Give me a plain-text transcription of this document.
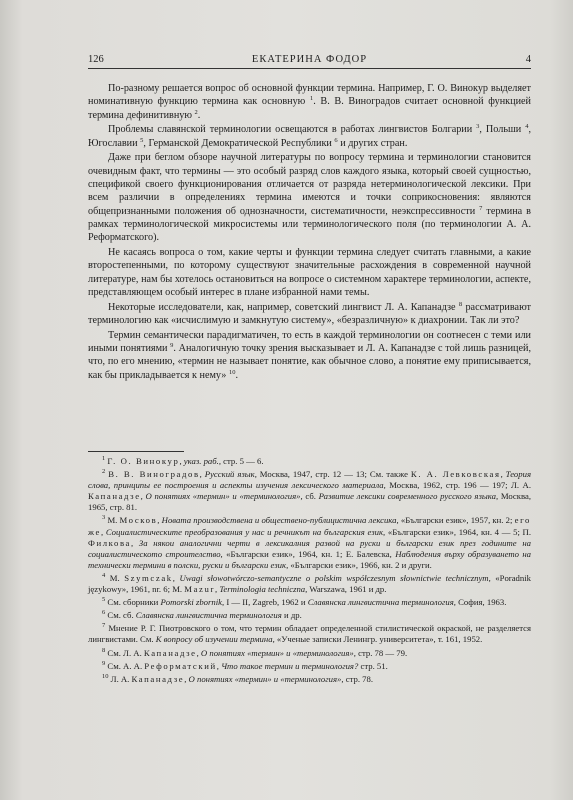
126	ЕКАТЕРИНА ФОДОР	4

По-разному решается вопрос об основной функции термина. Например, Г. О. Винокур выделяет номинативную функцию термина как основную $^1$. В. В. Виноградов считает основной функцией термина дефинитивную $^2$.

Проблемы славянской терминологии освещаются в работах лингвистов Болгарии $^3$, Польши $^4$, Югославии $^5$, Германской Демократической Республики $^6$ и других стран.

Даже при беглом обзоре научной литературы по вопросу термина и терминологии становится очевидным факт, что термины — это особый разряд слов каждого языка, который своей сущностью, спецификой своего функционирования отличается от разряда нетерминологической лексики. При всем различии в определениях термина имеются и точки соприкосновения: являются общепризнанными положения об однозначности, систематичности, неэкспрессивности $^7$ термина в рамках терминологической микросистемы или терминологического поля (по терминологии А. А. Реформатского).

Не касаясь вопроса о том, какие черты и функции термина следует считать главными, а какие второстепенными, по которому существуют значительные расхождения в современной научной литературе, нам бы хотелось остановиться на вопросе о системном характере терминологии, аспекте, представляющем особый интерес в плане избранной нами темы.

Некоторые исследователи, как, например, советский лингвист Л. А. Капанадзе $^8$ рассматривают терминологию как «исчислимую и замкнутую систему», «безразличную» к диахронии. Так ли это?

Термин семантически парадигматичен, то есть в каждой терминологии он соотнесен с теми или иными понятиями $^9$. Аналогичную точку зрения высказывает и Л. А. Капанадзе с той лишь разницей, что, по его мнению, «термин не называет понятие, как обычное слово, а понятие ему приписывается, как бы прикладывается к нему» $^{10}$.

$^1$ Г. О. Винокур, указ. раб., стр. 5 — 6.

$^2$ В. В. Виноградов, Русский язык, Москва, 1947, стр. 12 — 13; См. также К. А. Левковская, Теория слова, принципы ее построения и аспекты изучения лексического материала, Москва, 1962, стр. 196 — 197; Л. А. Капанадзе, О понятиях «термин» и «терминология», сб. Развитие лексики современного русского языка, Москва, 1965, стр. 81.

$^3$ М. Москов, Новата производствена и обществено-публицистична лексика, «Български език», 1957, кн. 2; его же, Социалистическите преобразования у нас и речникът на българския език, «Български език», 1964, кн. 4 — 5; П. Филкова, За някои аналогични черти в лексикалния развой на руски и български език през годините на социалистическото строителство, «Български език», 1964, кн. 1; Е. Балевска, Наблюдения върху образуването на технически термини в полски, руски и български език, «Български език», 1966, кн. 2 и други.

$^4$ M. Szymczak, Uwagi słowotwórczo-semantyczne o polskim współczesnym słownictwie technicznym, «Poradnik językowy», 1961, nr. 6; M. Mazur, Terminologia techniczna, Warszawa, 1961 и др.

$^5$ См. сборники Pomorski zbornik, I — II, Zagreb, 1962 и Славянска лингвистична терминология, София, 1963.

$^6$ См. сб. Славянска лингвистична терминология и др.

$^7$ Мнение Р. Г. Пиотровского о том, что термин обладает определенной стилистической окраской, не разделяется лингвистами. См. К вопросу об изучении термина, «Ученые записки Ленингр. университета», т. 161, 1952.

$^8$ См. Л. А. Капанадзе, О понятиях «термин» и «терминология», стр. 78 — 79.

$^9$ См. А. А. Реформатский, Что такое термин и терминология? стр. 51.

$^{10}$ Л. А. Капанадзе, О понятиях «термин» и «терминология», стр. 78.
